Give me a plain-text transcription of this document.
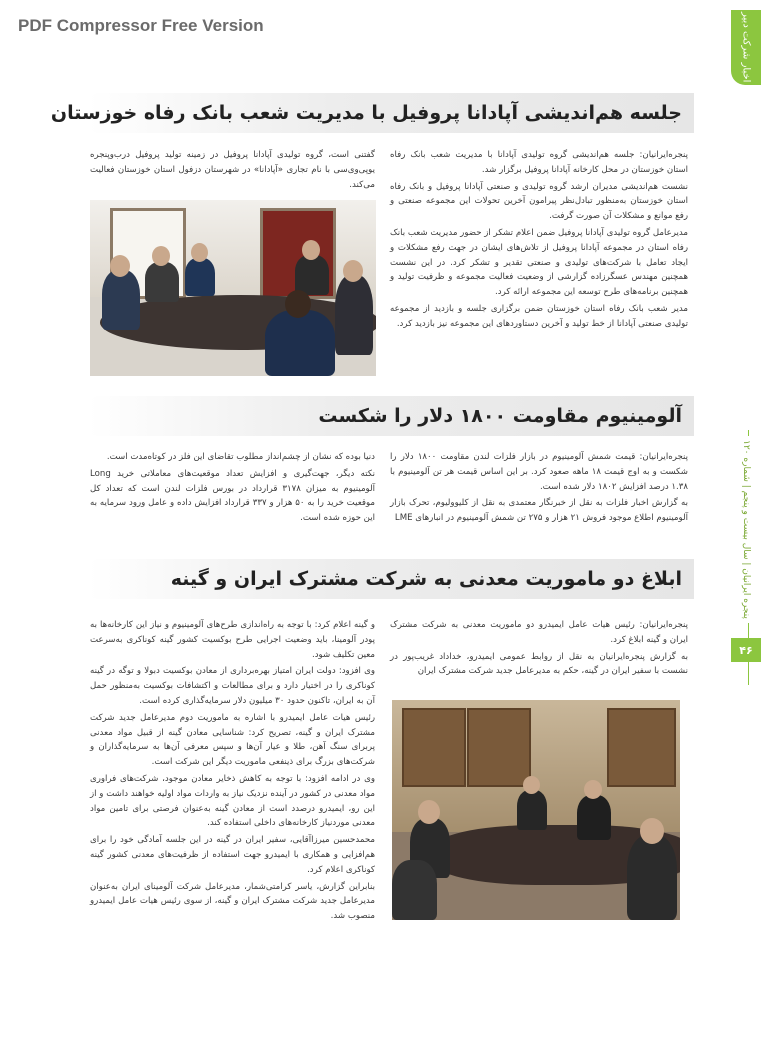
PDF Compressor Free Version	اخبار شرکت دبیر
پنجره ایرانیان | سال بیست و پنجم | شماره ۱۲۰
۴۶
جلسه هم‌اندیشی آپادانا پروفیل با مدیریت شعب بانک رفاه خوزستان

پنجره‌ایرانیان: جلسه هم‌اندیشی گروه تولیدی آپادانا با مدیریت شعب بانک رفاه استان خوزستان در محل کارخانه آپادانا پروفیل برگزار شد.

نشست هم‌اندیشی مدیران ارشد گروه تولیدی و صنعتی آپادانا پروفیل و بانک رفاه استان خوزستان به‌منظور تبادل‌نظر پیرامون آخرین تحولات این مجموعه صنعتی و رفع موانع و مشکلات آن صورت گرفت.

مدیرعامل گروه تولیدی آپادانا پروفیل ضمن اعلام تشکر از حضور مدیریت شعب بانک رفاه استان در مجموعه آپادانا پروفیل از تلاش‌های ایشان در جهت رفع مشکلات و ایجاد تعامل با شرکت‌های تولیدی و صنعتی تقدیر و تشکر کرد. در این نشست همچنین مهندس عسگرزاده گزارشی از وضعیت فعالیت مجموعه و ظرفیت تولید و همچنین برنامه‌های طرح توسعه این مجموعه ارائه کرد.

مدیر شعب بانک رفاه استان خوزستان ضمن برگزاری جلسه و بازدید از مجموعه تولیدی صنعتی آپادانا از خط تولید و آخرین دستاوردهای این مجموعه نیز بازدید کرد.

گفتنی است، گروه تولیدی آپادانا پروفیل در زمینه تولید پروفیل درب‌وپنجره یوپی‌وی‌سی با نام تجاری «آپادانا» در شهرستان دزفول استان خوزستان فعالیت می‌کند.

آلومینیوم مقاومت ۱۸۰۰ دلار را شکست

پنجره‌ایرانیان: قیمت شمش آلومینیوم در بازار فلزات لندن مقاومت ۱۸۰۰ دلار را شکست و به اوج قیمت ۱۸ ماهه صعود کرد. بر این اساس قیمت هر تن آلومینیوم با ۱.۳۸ درصد افزایش ۱۸۰۲ دلار شده است.

به گزارش اخبار فلزات به نقل از خبرنگار معتمدی به نقل از کلیوولیوم، تحرک بازار آلومینیوم اطلاع موجود فروش ۲۱ هزار و ۲۷۵ تن شمش آلومینیوم در انبارهای LME

دنیا بوده که نشان از چشم‌انداز مطلوب تقاضای این فلز در کوتاه‌مدت است.

نکته دیگر، جهت‌گیری و افزایش تعداد موقعیت‌های معاملاتی خرید Long آلومینیوم به میزان ۳۱۷۸ قرارداد در بورس فلزات لندن است که تعداد کل موقعیت خرید را به ۵۰ هزار و ۳۳۷ قرارداد افزایش داده و عامل ورود سرمایه به این حوزه شده است.

ابلاغ دو ماموریت معدنی به شرکت مشترک ایران و گینه

پنجره‌ایرانیان: رئیس هیات عامل ایمیدرو دو ماموریت معدنی به شرکت مشترک ایران و گینه ابلاغ کرد.

به گزارش پنجره‌ایرانیان به نقل از روابط عمومی ایمیدرو، خداداد غریب‌پور در نشست با سفیر ایران در گینه، حکم به مدیرعامل جدید شرکت مشترک ایران

و گینه اعلام کرد: با توجه به راه‌اندازی طرح‌های آلومینیوم و نیاز این کارخانه‌ها به پودر آلومینا، باید وضعیت اجرایی طرح بوکسیت کشور گینه کوناکری به‌سرعت معین تکلیف شود.

وی افزود: دولت ایران امتیاز بهره‌برداری از معادن بوکسیت دبولا و توگه در گینه کوناکری را در اختیار دارد و برای مطالعات و اکتشافات بوکسیت به‌منظور حمل آن به ایران، تاکنون حدود ۳۰ میلیون دلار سرمایه‌گذاری کرده است.

رئیس هیات عامل ایمیدرو با اشاره به ماموریت دوم مدیرعامل جدید شرکت مشترک ایران و گینه، تصریح کرد: شناسایی معادن گینه از قبیل مواد معدنی پربرای سنگ آهن، طلا و عیار آن‌ها و سپس معرفی آن‌ها به سرمایه‌گذاران و شرکت‌های بزرگ برای ذینفعی ماموریت دیگر این شرکت است.

وی در ادامه افزود: با توجه به کاهش ذخایر معادن موجود، شرکت‌های فراوری مواد معدنی در کشور در آینده نزدیک نیاز به واردات مواد اولیه خواهند داشت و از این رو، ایمیدرو درصدد است از معادن گینه به‌عنوان فرصتی برای تامین مواد معدنی موردنیاز کارخانه‌های داخلی استفاده کند.

محمدحسین میرزاآقایی، سفیر ایران در گینه در این جلسه آمادگی خود را برای هم‌افزایی و همکاری با ایمیدرو جهت استفاده از ظرفیت‌های معدنی کشور گینه کوناکری اعلام کرد.

بنابراین گزارش، یاسر کرامتی‌شمار، مدیرعامل شرکت آلومینای ایران به‌عنوان مدیرعامل جدید شرکت مشترک ایران و گینه، از سوی رئیس هیات عامل ایمیدرو منصوب شد.
